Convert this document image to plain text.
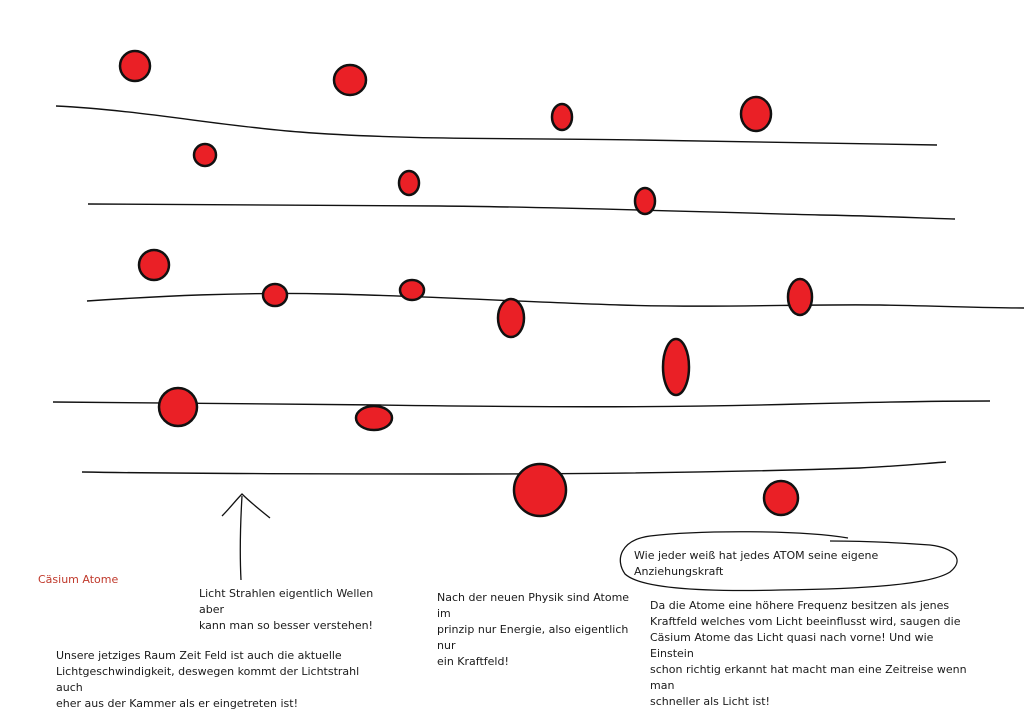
Cäsium Atome
Licht Strahlen eigentlich Wellen aber
kann man so besser verstehen!
Nach der neuen Physik sind Atome im
prinzip nur Energie, also eigentlich nur
ein Kraftfeld!
Unsere jetziges Raum Zeit Feld ist auch die aktuelle
Lichtgeschwindigkeit, deswegen kommt der Lichtstrahl auch
eher aus der Kammer als er eingetreten ist!
Wie jeder weiß hat jedes ATOM seine eigene Anziehungskraft
Da die Atome eine höhere Frequenz besitzen als jenes
Kraftfeld welches vom Licht beeinflusst wird, saugen die
Cäsium Atome das Licht quasi nach vorne! Und wie Einstein
schon richtig erkannt hat macht man eine Zeitreise wenn man
schneller als Licht ist!
